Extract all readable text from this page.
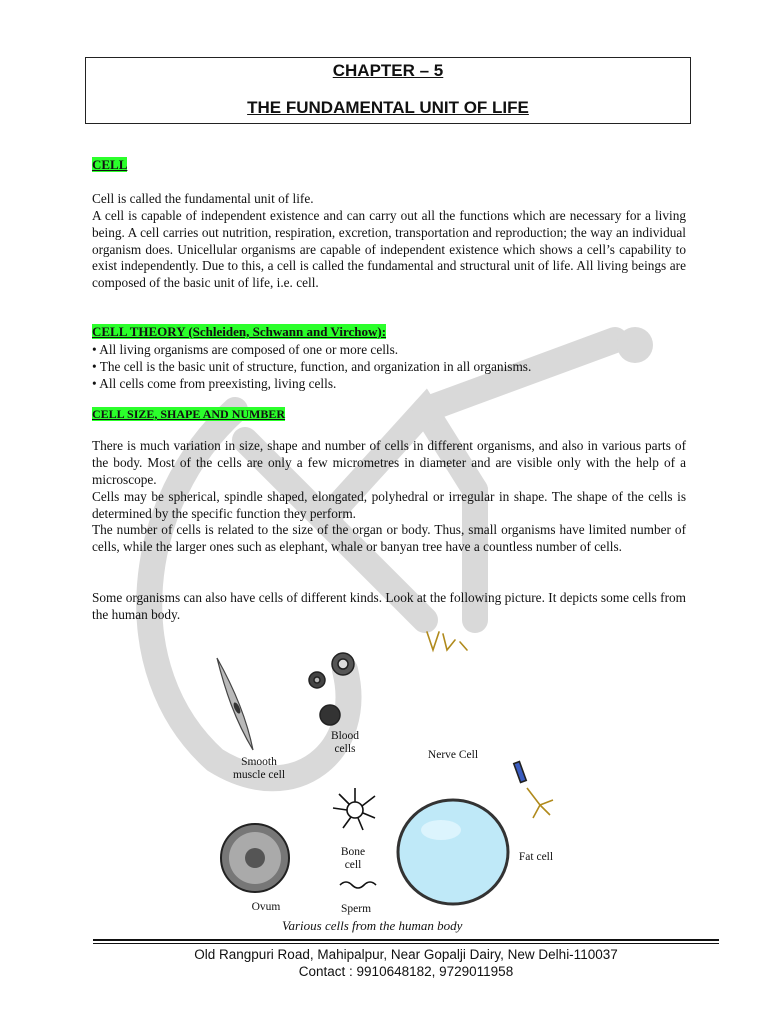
CHAPTER – 5
THE FUNDAMENTAL UNIT OF LIFE
CELL

Cell is called the fundamental unit of life.

A cell is capable of independent existence and can carry out all the functions which are necessary for a living being. A cell carries out nutrition, respiration, excretion, transportation and reproduction; the way an individual organism does. Unicellular organisms are capable of independent existence which shows a cell’s capability to exist independently. Due to this, a cell is called the fundamental and structural unit of life. All living beings are composed of the basic unit of life, i.e. cell.

CELL THEORY (Schleiden, Schwann and Virchow):
• All living organisms are composed of one or more cells.
• The cell is the basic unit of structure, function, and organization in all organisms.
• All cells come from preexisting, living cells.
CELL SIZE, SHAPE AND NUMBER

There is much variation in size, shape and number of cells in different organisms, and also in various parts of the body. Most of the cells are only a few micrometres in diameter and are visible only with the help of a microscope.

Cells may be spherical, spindle shaped, elongated, polyhedral or irregular in shape. The shape of the cells is determined by the specific function they perform.

The number of cells is related to the size of the organ or body. Thus, small organisms have limited number of cells, while the larger ones such as elephant, whale or banyan tree have a countless number of cells.

Some organisms can also have cells of different kinds. Look at the following picture. It depicts some cells from the human body.

Smooth muscle cell
Blood cells	Nerve Cell
Bone cell
Fat cell
Ovum	Sperm
Various cells from the human body
Old Rangpuri Road, Mahipalpur, Near Gopalji Dairy, New Delhi-110037
Contact : 9910648182, 9729011958
